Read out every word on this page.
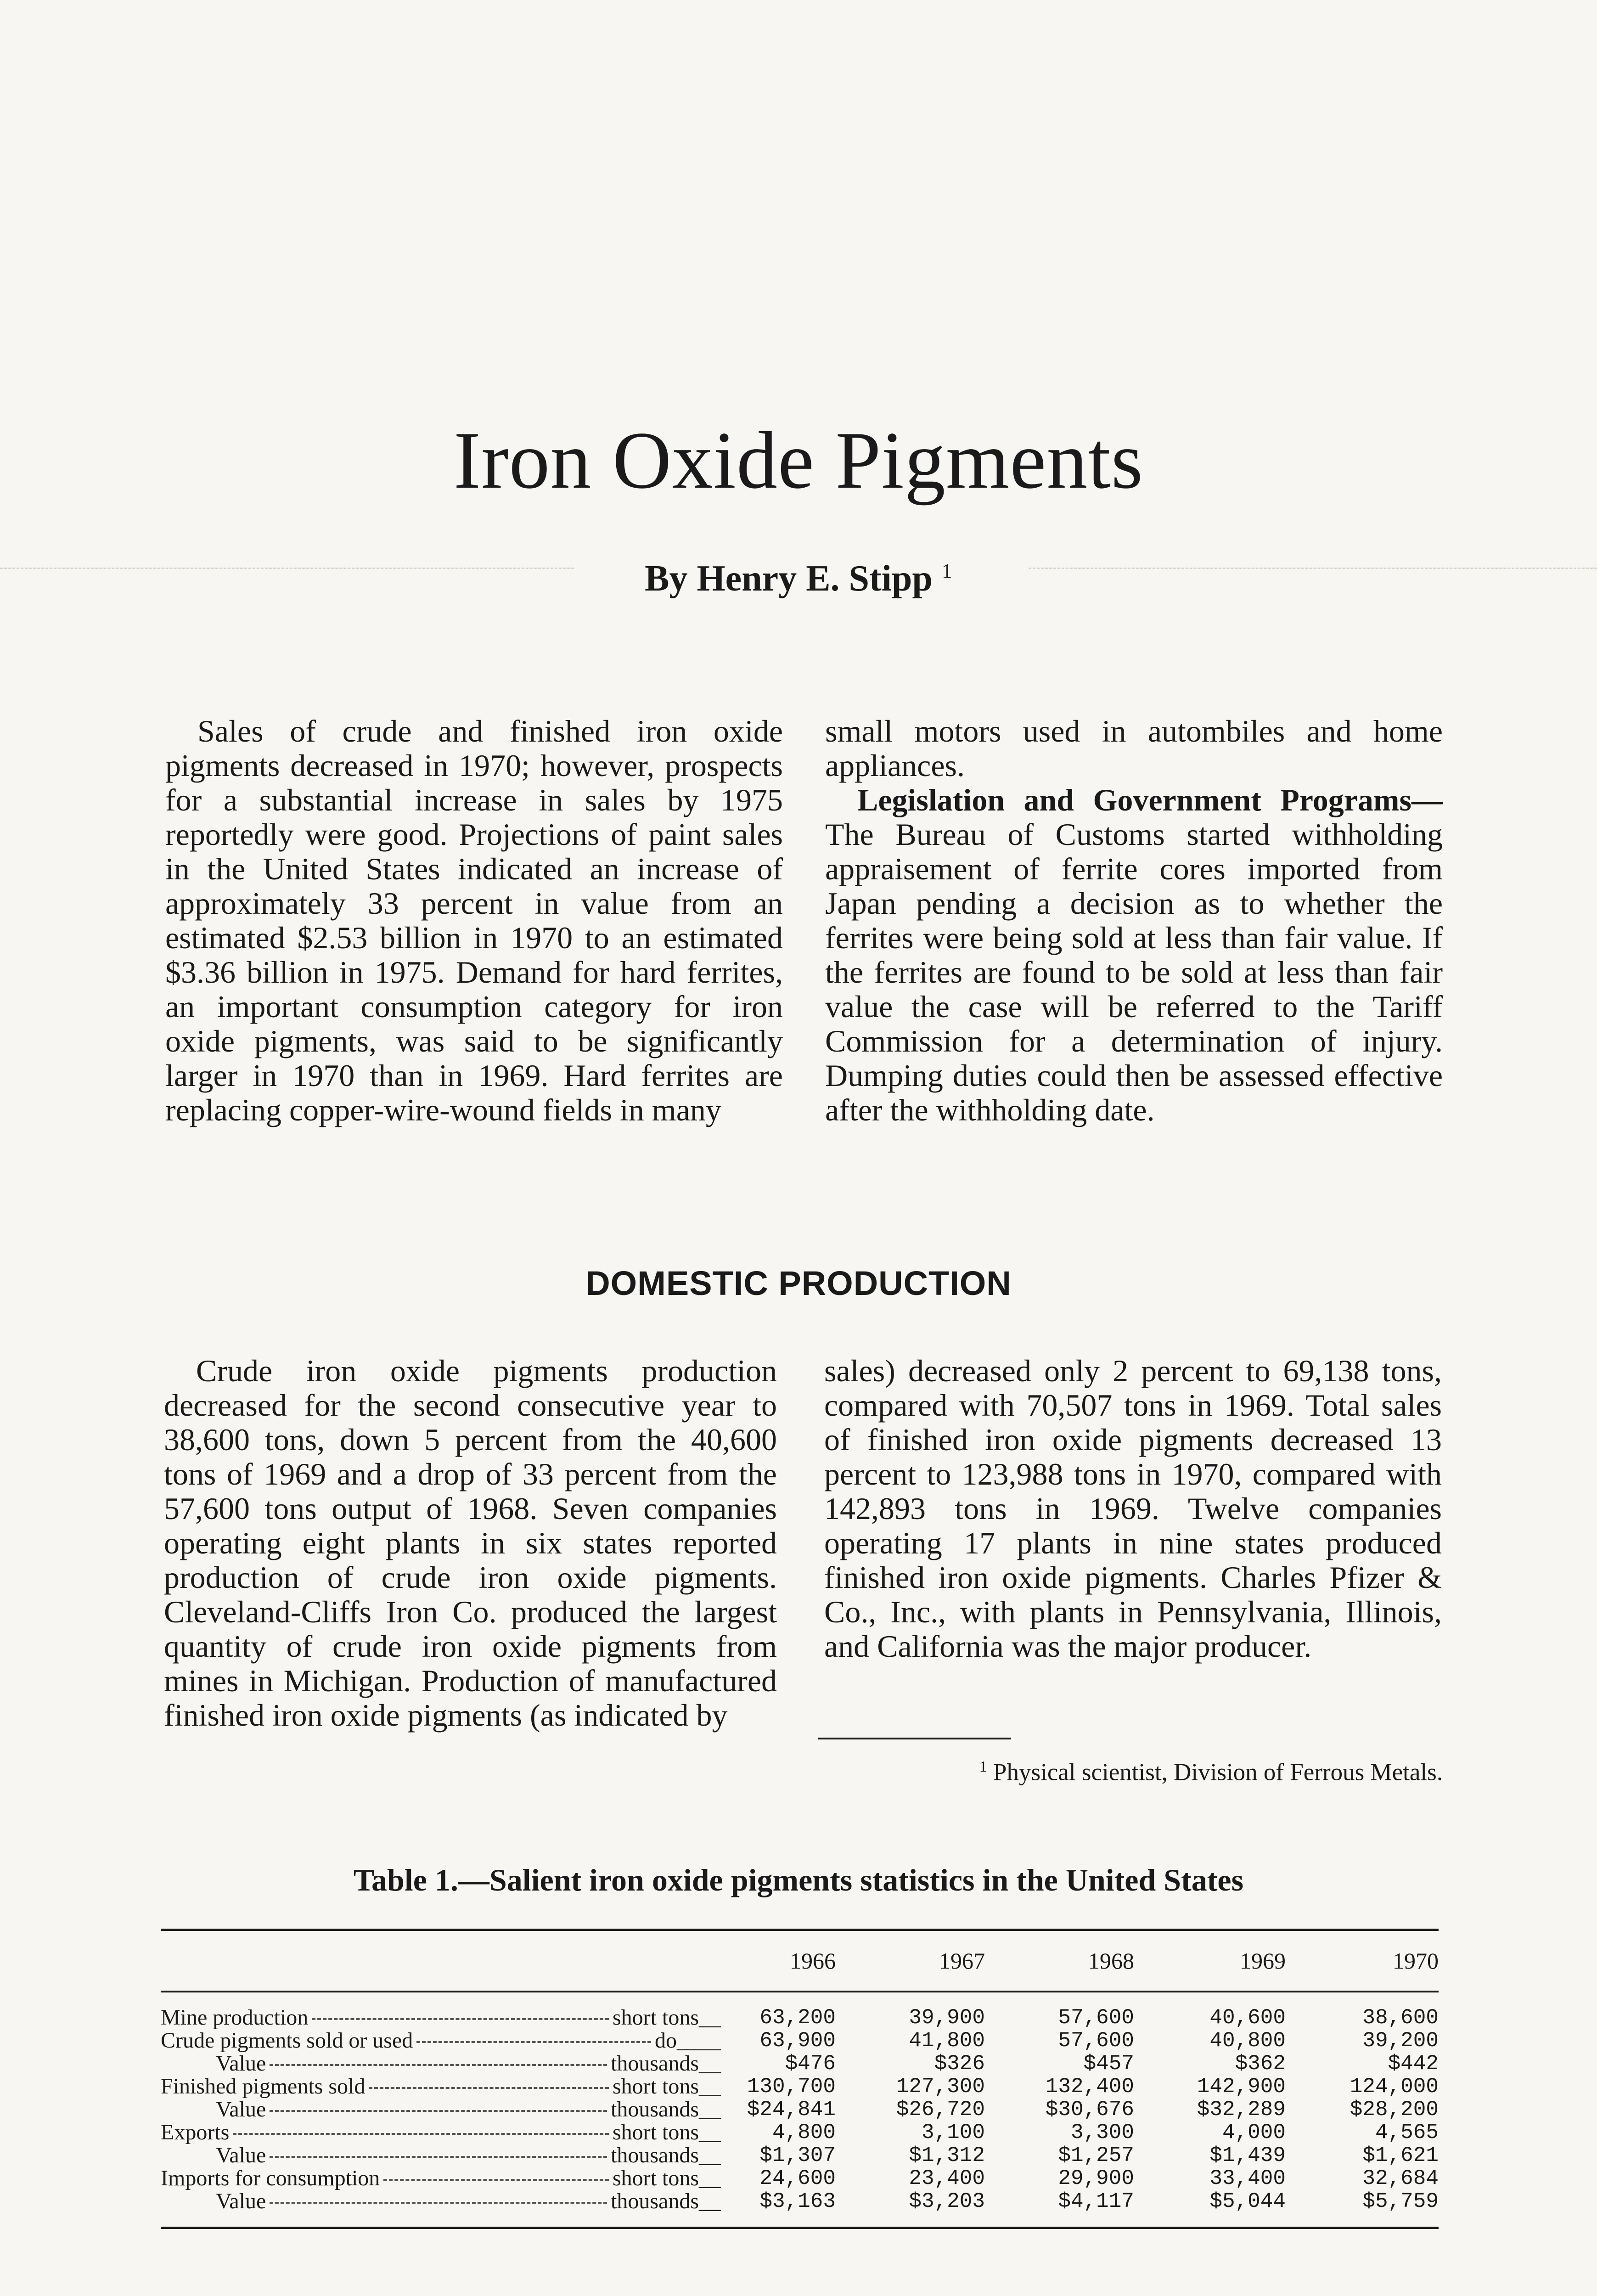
Iron Oxide Pigments
By Henry E. Stipp $^1$

Sales of crude and finished iron oxide pigments decreased in 1970; however, prospects for a substantial increase in sales by 1975 reportedly were good. Projections of paint sales in the United States indicated an increase of approximately 33 percent in value from an estimated $2.53 billion in 1970 to an estimated $3.36 billion in 1975. Demand for hard ferrites, an important consumption category for iron oxide pigments, was said to be significantly larger in 1970 than in 1969. Hard ferrites are replacing copper-wire-wound fields in many

small motors used in autombiles and home appliances.

Legislation and Government Programs— The Bureau of Customs started withholding appraisement of ferrite cores imported from Japan pending a decision as to whether the ferrites were being sold at less than fair value. If the ferrites are found to be sold at less than fair value the case will be referred to the Tariff Commission for a determination of injury. Dumping duties could then be assessed effective after the withholding date.

DOMESTIC PRODUCTION

Crude iron oxide pigments production decreased for the second consecutive year to 38,600 tons, down 5 percent from the 40,600 tons of 1969 and a drop of 33 percent from the 57,600 tons output of 1968. Seven companies operating eight plants in six states reported production of crude iron oxide pigments. Cleveland-Cliffs Iron Co. produced the largest quantity of crude iron oxide pigments from mines in Michigan. Production of manufactured finished iron oxide pigments (as indicated by

sales) decreased only 2 percent to 69,138 tons, compared with 70,507 tons in 1969. Total sales of finished iron oxide pigments decreased 13 percent to 123,988 tons in 1970, compared with 142,893 tons in 1969. Twelve companies operating 17 plants in nine states produced finished iron oxide pigments. Charles Pfizer & Co., Inc., with plants in Pennsylvania, Illinois, and California was the major producer.

$^1$ Physical scientist, Division of Ferrous Metals.
Table 1.—Salient iron oxide pigments statistics in the United States
	1966	1967	1968	1969	1970

Mine production short tons__	63,200	39,900	57,600	40,600	38,600

Crude pigments sold or used do____	63,900	41,800	57,600	40,800	39,200

Value thousands__	$476	$326	$457	$362	$442

Finished pigments sold short tons__	130,700	127,300	132,400	142,900	124,000

Value thousands__	$24,841	$26,720	$30,676	$32,289	$28,200

Exports short tons__	4,800	3,100	3,300	4,000	4,565

Value thousands__	$1,307	$1,312	$1,257	$1,439	$1,621

Imports for consumption short tons__	24,600	23,400	29,900	33,400	32,684

Value thousands__	$3,163	$3,203	$4,117	$5,044	$5,759
